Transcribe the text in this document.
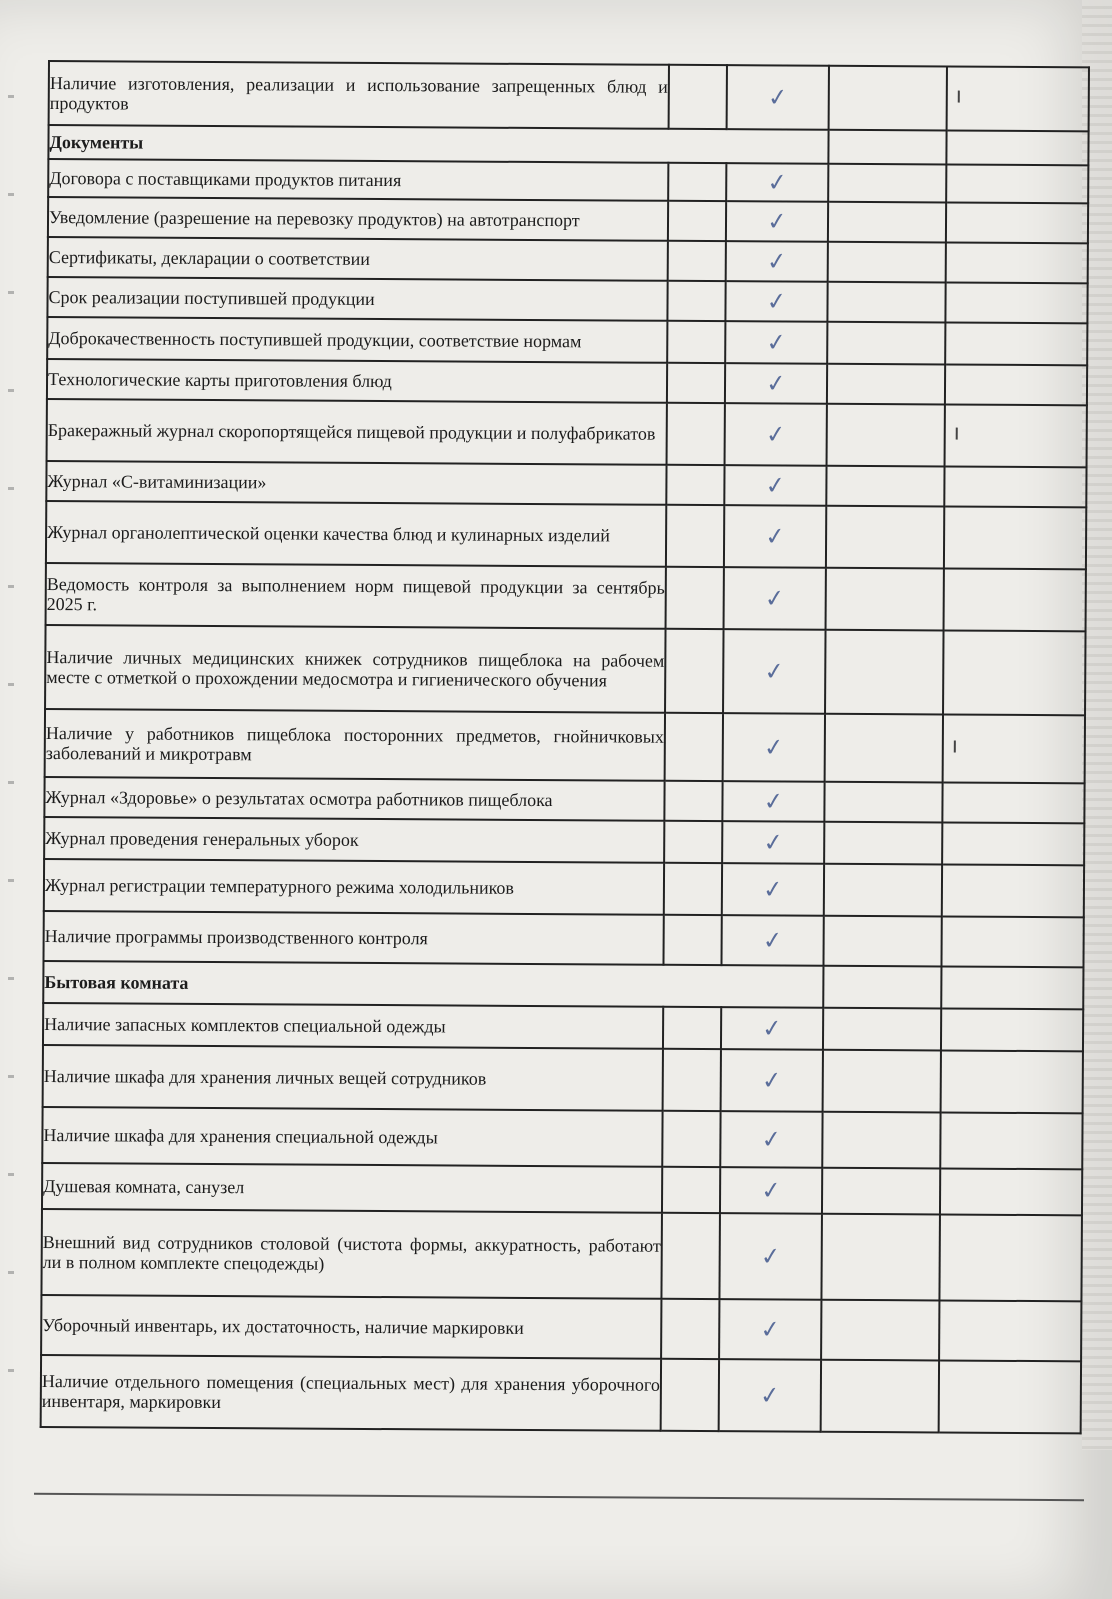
Наличие изготовления, реализации и использование запрещенных блюд и продуктов		✓		
Документы				
Договора с поставщиками продуктов питания		✓		
Уведомление (разрешение на перевозку продуктов) на автотранспорт		✓		
Сертификаты, декларации о соответствии		✓		
Срок реализации поступившей продукции		✓		
Доброкачественность поступившей продукции, соответствие нормам		✓		
Технологические карты приготовления блюд		✓		
Бракеражный журнал скоропортящейся пищевой продукции и полуфабрикатов		✓		
Журнал «С-витаминизации»		✓		
Журнал органолептической оценки качества блюд и кулинарных изделий		✓		
Ведомость контроля за выполнением норм пищевой продукции за сентябрь 2025 г.		✓		
Наличие личных медицинских книжек сотрудников пищеблока на рабочем месте с отметкой о прохождении медосмотра и гигиенического обучения		✓		
Наличие у работников пищеблока посторонних предметов, гнойничковых заболеваний и микротравм		✓		
Журнал «Здоровье» о результатах осмотра работников пищеблока		✓		
Журнал проведения генеральных уборок		✓		
Журнал регистрации температурного режима холодильников		✓		
Наличие программы производственного контроля		✓		
Бытовая комната				
Наличие запасных комплектов специальной одежды		✓		
Наличие шкафа для хранения личных вещей сотрудников		✓		
Наличие шкафа для хранения специальной одежды		✓		
Душевая комната, санузел		✓		
Внешний вид сотрудников столовой (чистота формы, аккуратность, работают ли в полном комплекте спецодежды)		✓		
Уборочный инвентарь, их достаточность, наличие маркировки		✓		
Наличие отдельного помещения (специальных мест) для хранения уборочного инвентаря, маркировки		✓		
